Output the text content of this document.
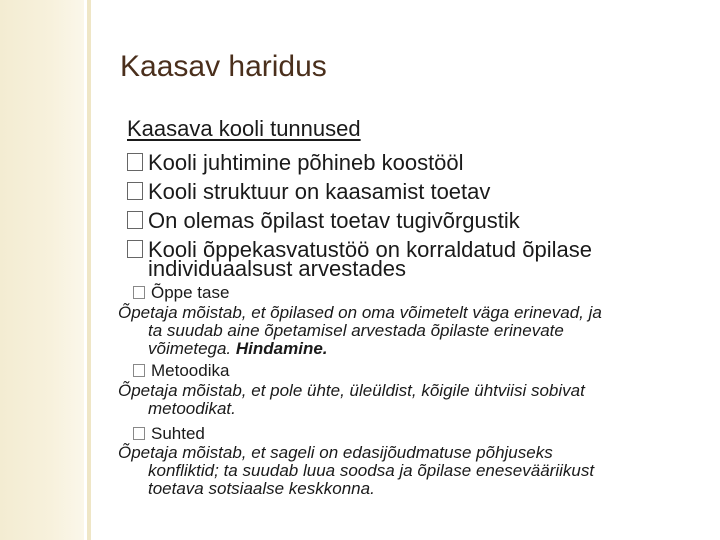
Kaasav haridus
Kaasava kooli tunnused
Kooli juhtimine põhineb koostööl
Kooli struktuur on kaasamist toetav
On olemas õpilast toetav tugivõrgustik
Kooli õppekasvatustöö on korraldatud õpilase
individuaalsust arvestades
Õppe tase
Õpetaja mõistab, et õpilased on oma võimetelt väga erinevad, ja
ta suudab aine õpetamisel arvestada õpilaste erinevate
võimetega. Hindamine.
Metoodika
Õpetaja mõistab, et pole ühte, üleüldist, kõigile ühtviisi sobivat
metoodikat.
Suhted
Õpetaja mõistab, et sageli on edasijõudmatuse põhjuseks
konfliktid; ta suudab luua soodsa ja õpilase enesevääriikust
toetava sotsiaalse keskkonna.
